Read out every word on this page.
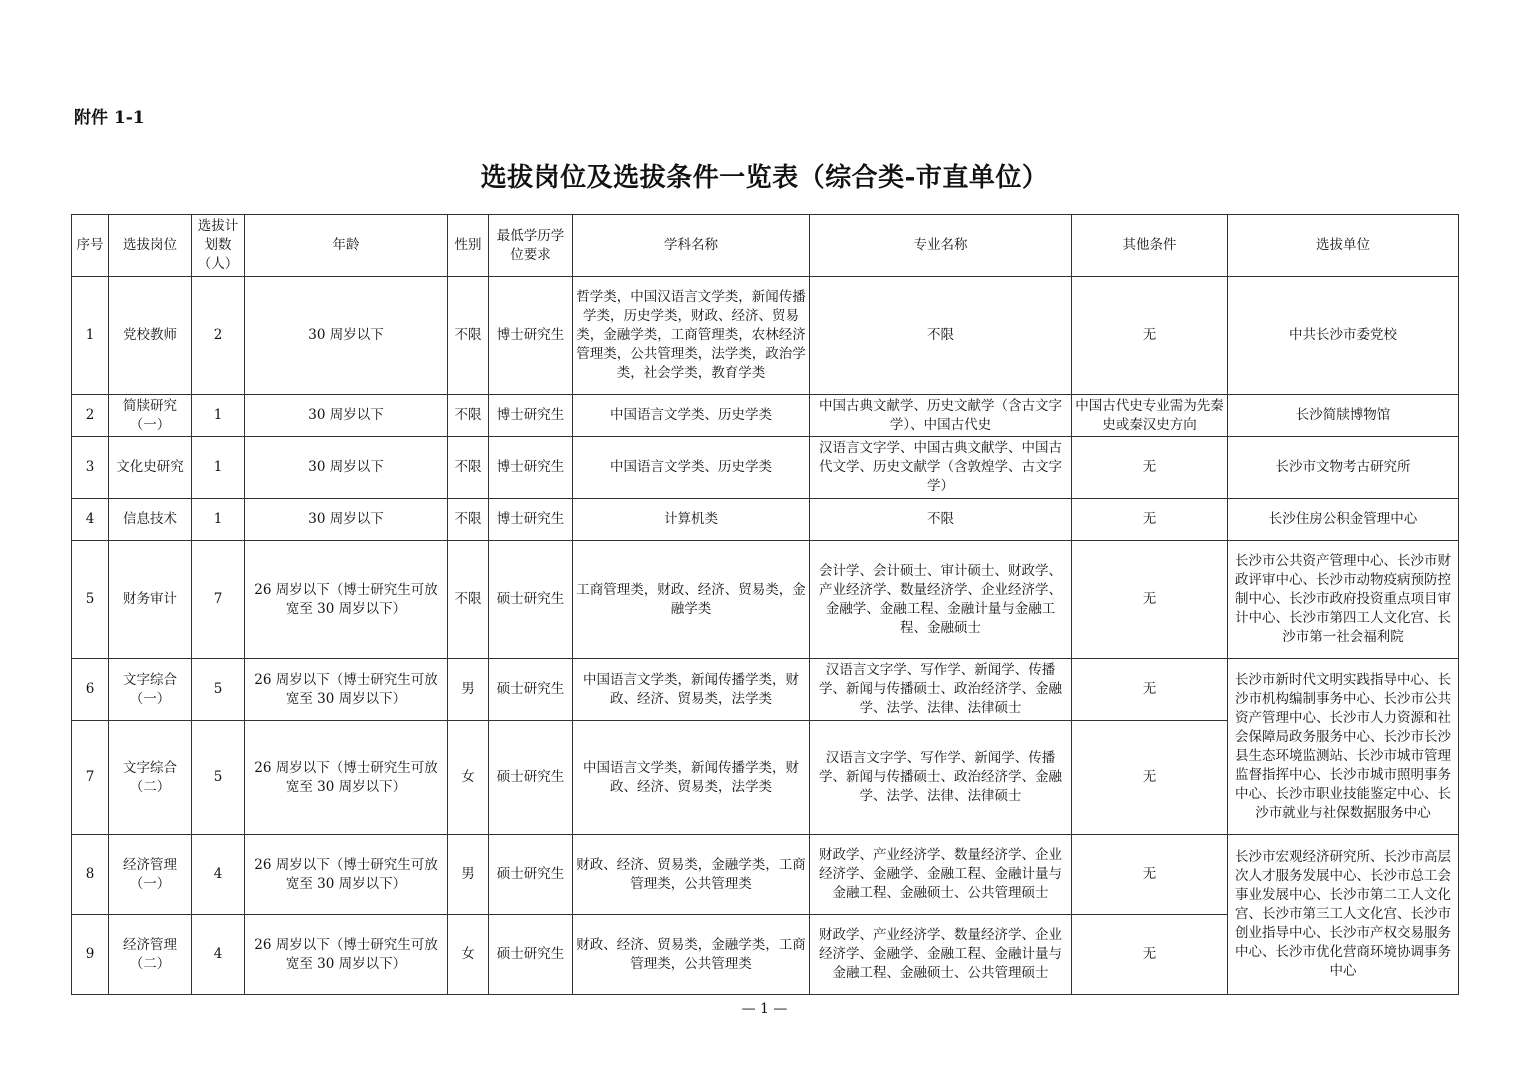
附件 1-1
选拔岗位及选拔条件一览表（综合类-市直单位）
序号	选拔岗位	选拔计划数（人）	年龄	性别	最低学历学位要求	学科名称	专业名称	其他条件	选拔单位
1	党校教师	2	30 周岁以下	不限	博士研究生	哲学类，中国汉语言文学类，新闻传播学类，历史学类，财政、经济、贸易类，金融学类，工商管理类，农林经济管理类，公共管理类，法学类，政治学类，社会学类，教育学类	不限	无	中共长沙市委党校
2	简牍研究（一）	1	30 周岁以下	不限	博士研究生	中国语言文学类、历史学类	中国古典文献学、历史文献学（含古文字学）、中国古代史	中国古代史专业需为先秦史或秦汉史方向	长沙简牍博物馆
3	文化史研究	1	30 周岁以下	不限	博士研究生	中国语言文学类、历史学类	汉语言文字学、中国古典文献学、中国古代文学、历史文献学（含敦煌学、古文字学）	无	长沙市文物考古研究所
4	信息技术	1	30 周岁以下	不限	博士研究生	计算机类	不限	无	长沙住房公积金管理中心
5	财务审计	7	26 周岁以下（博士研究生可放宽至 30 周岁以下）	不限	硕士研究生	工商管理类，财政、经济、贸易类，金融学类	会计学、会计硕士、审计硕士、财政学、产业经济学、数量经济学、企业经济学、金融学、金融工程、金融计量与金融工程、金融硕士	无	长沙市公共资产管理中心、长沙市财政评审中心、长沙市动物疫病预防控制中心、长沙市政府投资重点项目审计中心、长沙市第四工人文化宫、长沙市第一社会福利院
6	文字综合（一）	5	26 周岁以下（博士研究生可放宽至 30 周岁以下）	男	硕士研究生	中国语言文学类，新闻传播学类，财政、经济、贸易类，法学类	汉语言文字学、写作学、新闻学、传播学、新闻与传播硕士、政治经济学、金融学、法学、法律、法律硕士	无	长沙市新时代文明实践指导中心、长沙市机构编制事务中心、长沙市公共资产管理中心、长沙市人力资源和社会保障局政务服务中心、长沙市长沙县生态环境监测站、长沙市城市管理监督指挥中心、长沙市城市照明事务中心、长沙市职业技能鉴定中心、长沙市就业与社保数据服务中心
7	文字综合（二）	5	26 周岁以下（博士研究生可放宽至 30 周岁以下）	女	硕士研究生	中国语言文学类，新闻传播学类，财政、经济、贸易类，法学类	汉语言文字学、写作学、新闻学、传播学、新闻与传播硕士、政治经济学、金融学、法学、法律、法律硕士	无	
8	经济管理（一）	4	26 周岁以下（博士研究生可放宽至 30 周岁以下）	男	硕士研究生	财政、经济、贸易类，金融学类，工商管理类，公共管理类	财政学、产业经济学、数量经济学、企业经济学、金融学、金融工程、金融计量与金融工程、金融硕士、公共管理硕士	无	长沙市宏观经济研究所、长沙市高层次人才服务发展中心、长沙市总工会事业发展中心、长沙市第二工人文化宫、长沙市第三工人文化宫、长沙市创业指导中心、长沙市产权交易服务中心、长沙市优化营商环境协调事务中心
9	经济管理（二）	4	26 周岁以下（博士研究生可放宽至 30 周岁以下）	女	硕士研究生	财政、经济、贸易类，金融学类，工商管理类，公共管理类	财政学、产业经济学、数量经济学、企业经济学、金融学、金融工程、金融计量与金融工程、金融硕士、公共管理硕士	无	
— 1 —
